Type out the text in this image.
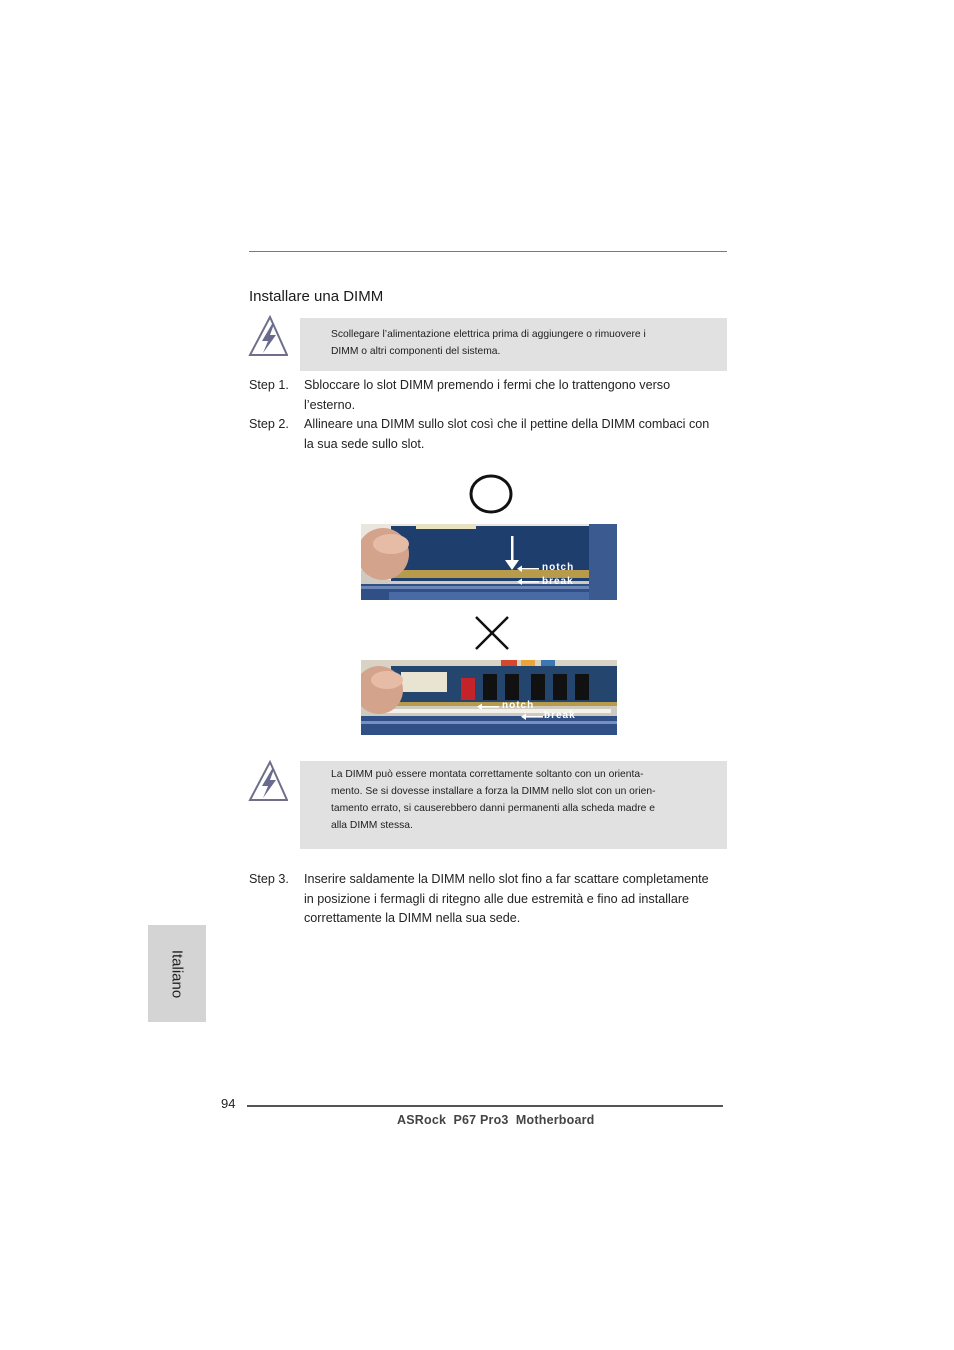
Installare una DIMM
Scollegare l’alimentazione elettrica prima di aggiungere o rimuovere i
DIMM o altri componenti del sistema.
Step 1.	Sbloccare lo slot DIMM premendo i fermi che lo trattengono verso
l’esterno.
Step 2.	Allineare una DIMM sullo slot così che il pettine della DIMM combaci con
la sua sede sullo slot.
notch
break
notch
break
La DIMM può essere montata correttamente soltanto con un orienta-
mento. Se si dovesse installare a forza la DIMM nello slot con un orien-
tamento errato, si causerebbero danni permanenti alla scheda madre e
alla DIMM stessa.
Step 3.	Inserire saldamente la DIMM nello slot fino a far scattare completamente
in posizione i fermagli di ritegno alle due estremità e fino ad installare
correttamente la DIMM nella sua sede.
Italiano
94
ASRock  P67 Pro3  Motherboard
